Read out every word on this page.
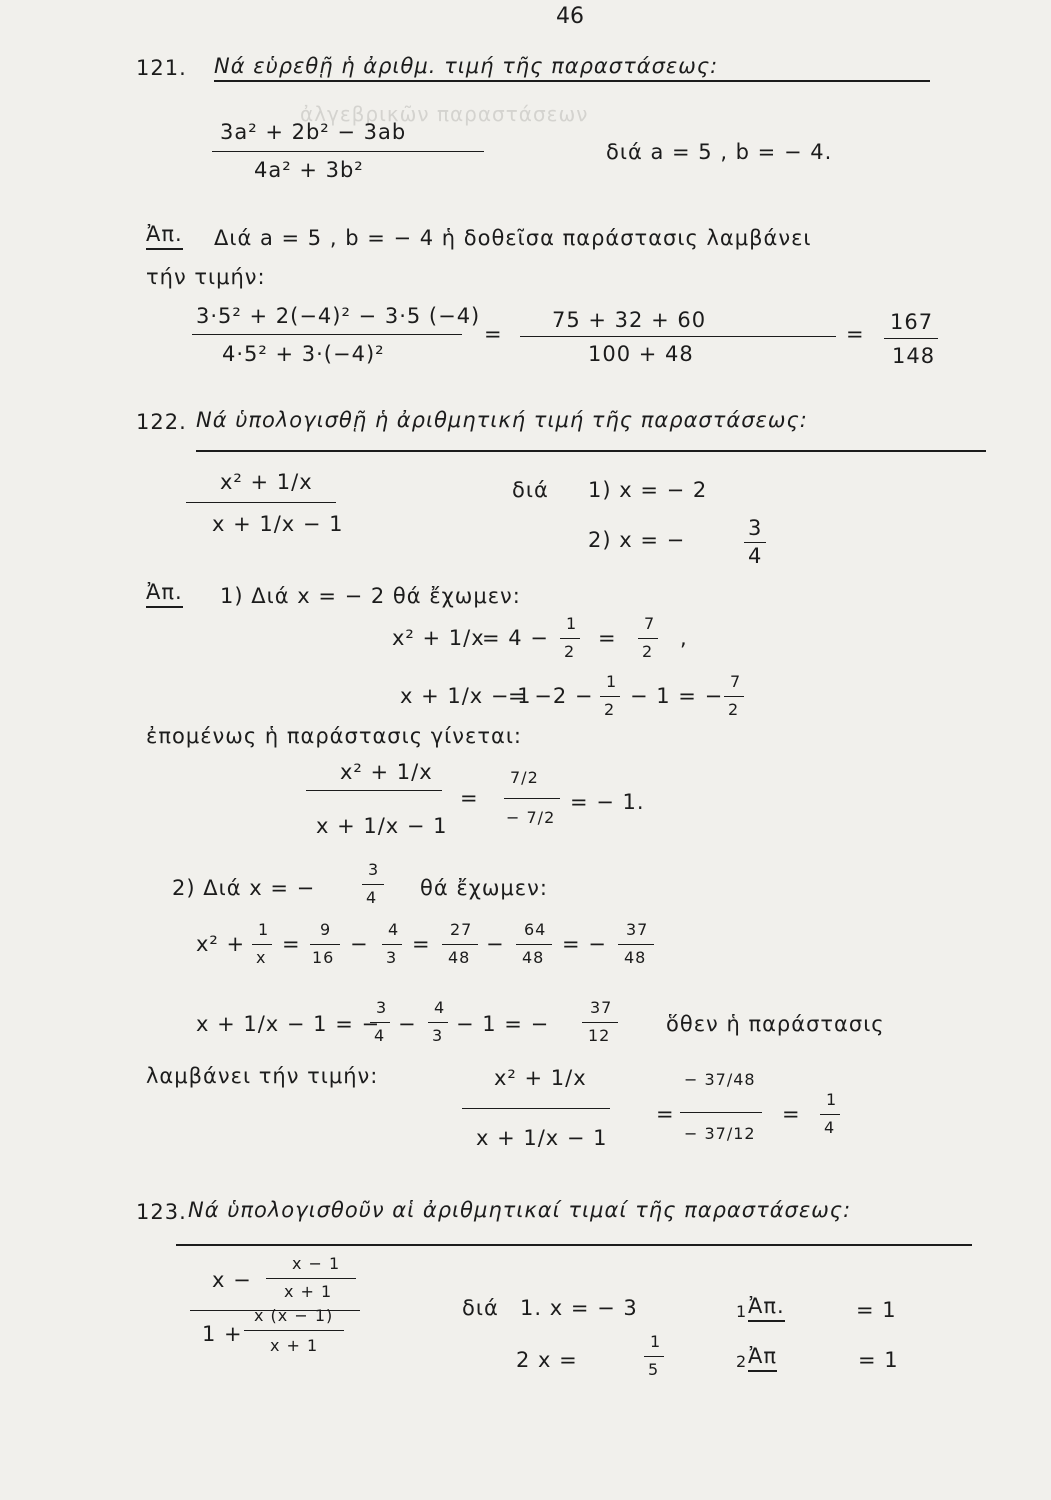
ἀλγεβρικῶν παραστάσεων
46
121. Νά εὑρεθῇ ἡ ἀριθμ. τιμή τῆς παραστάσεως:
3a² + 2b² − 3ab
4a² + 3b²
διά a = 5 , b = − 4.
Ἀπ. Διά a = 5 , b = − 4 ἡ δοθεῖσα παράστασις λαμβάνει
τήν τιμήν:
3·5² + 2(−4)² − 3·5 (−4)
4·5² + 3·(−4)²
=
75 + 32 + 60
100 + 48
= 167
148
122. Νά ὑπολογισθῇ ἡ ἀριθμητική τιμή τῆς παραστάσεως:
x² + 1/x
x + 1/x − 1
διά 1) x = − 2
2) x = −	3
4
Ἀπ. 1) Διά x = − 2 θά ἔχωμεν:
x² + 1/x
= 4 −
1
2
=
7
2
,
x + 1/x − 1
= −2 −
1
2
− 1 = −
7
2
ἐπομένως ἡ παράστασις γίνεται:
x² + 1/x
x + 1/x − 1
=
7/2
− 7/2
= − 1.
2) Διά x = −
3
4 θά ἔχωμεν:
x² +
1
x
=
9
16
−
4
3
=
27
48
−
64
48
= −
37
48
x + 1/x − 1 = −
3
4 −
4
3 − 1 = −
37
12	ὅθεν ἡ παράστασις
λαμβάνει τήν τιμήν:	x² + 1/x
x + 1/x − 1
=
− 37/48
− 37/12
=
1
4
123. Νά ὑπολογισθοῦν αἱ ἀριθμητικαί τιμαί τῆς παραστάσεως:
x −
x − 1
x + 1
1 +
x (x − 1)
x + 1
διά 1. x = − 3
2 x =
1
5
1 Ἀπ.	= 1
2 Ἀπ	= 1
